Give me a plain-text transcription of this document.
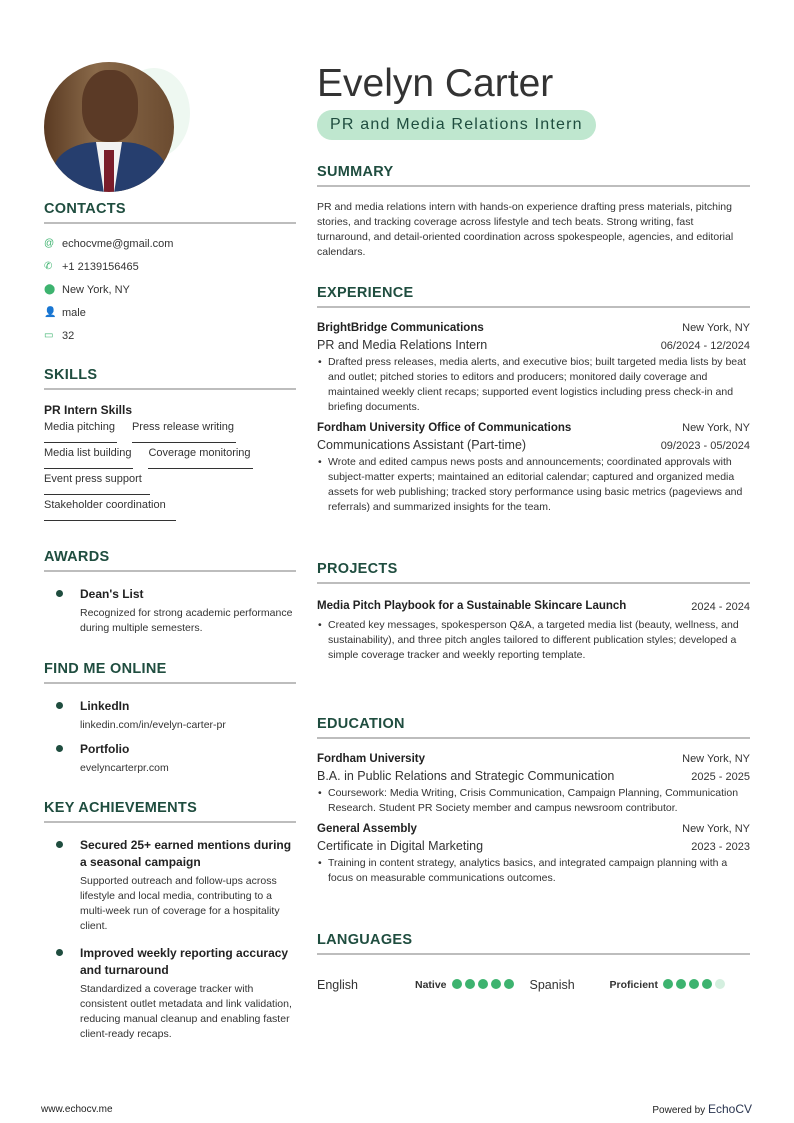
CONTACTS
@ echocvme@gmail.com
✆ +1 2139156465
⬤ New York, NY
👤 male
▭ 32
SKILLS
PR Intern Skills
Media pitching Press release writing
Media list building Coverage monitoring
Event press support
Stakeholder coordination
AWARDS
Dean's List
Recognized for strong academic performance during multiple semesters.
FIND ME ONLINE
LinkedIn
linkedin.com/in/evelyn-carter-pr
Portfolio
evelyncarterpr.com
KEY ACHIEVEMENTS
Secured 25+ earned mentions during a seasonal campaign
Supported outreach and follow-ups across lifestyle and local media, contributing to a multi-week run of coverage for a hospitality client.
Improved weekly reporting accuracy and turnaround
Standardized a coverage tracker with consistent outlet metadata and link validation, reducing manual cleanup and enabling faster client-ready recaps.
Evelyn Carter
PR and Media Relations Intern
SUMMARY
PR and media relations intern with hands-on experience drafting press materials, pitching stories, and tracking coverage across lifestyle and tech beats. Strong writing, fast turnaround, and detail-oriented coordination across spokespeople, agencies, and editorial calendars.
EXPERIENCE
BrightBridge Communications	New York, NY
PR and Media Relations Intern	06/2024 - 12/2024
• Drafted press releases, media alerts, and executive bios; built targeted media lists by beat and outlet; pitched stories to editors and producers; monitored daily coverage and maintained weekly client recaps; supported event logistics including press check-in and briefing documents.
Fordham University Office of Communications	New York, NY
Communications Assistant (Part-time)	09/2023 - 05/2024
• Wrote and edited campus news posts and announcements; coordinated approvals with subject-matter experts; maintained an editorial calendar; captured and organized media assets for web publishing; tracked story performance using basic metrics (pageviews and referrals) and summarized insights for the team.
PROJECTS
Media Pitch Playbook for a Sustainable Skincare Launch	2024 - 2024
• Created key messages, spokesperson Q&A, a targeted media list (beauty, wellness, and sustainability), and three pitch angles tailored to different publication styles; developed a simple coverage tracker and weekly reporting template.
EDUCATION
Fordham University	New York, NY
B.A. in Public Relations and Strategic Communication	2025 - 2025
• Coursework: Media Writing, Crisis Communication, Campaign Planning, Communication Research. Student PR Society member and campus newsroom contributor.
General Assembly	New York, NY
Certificate in Digital Marketing	2023 - 2023
• Training in content strategy, analytics basics, and integrated campaign planning with a focus on measurable communications outcomes.
LANGUAGES
English	Native	Spanish	Proficient
www.echocv.me	Powered by EchoCV
